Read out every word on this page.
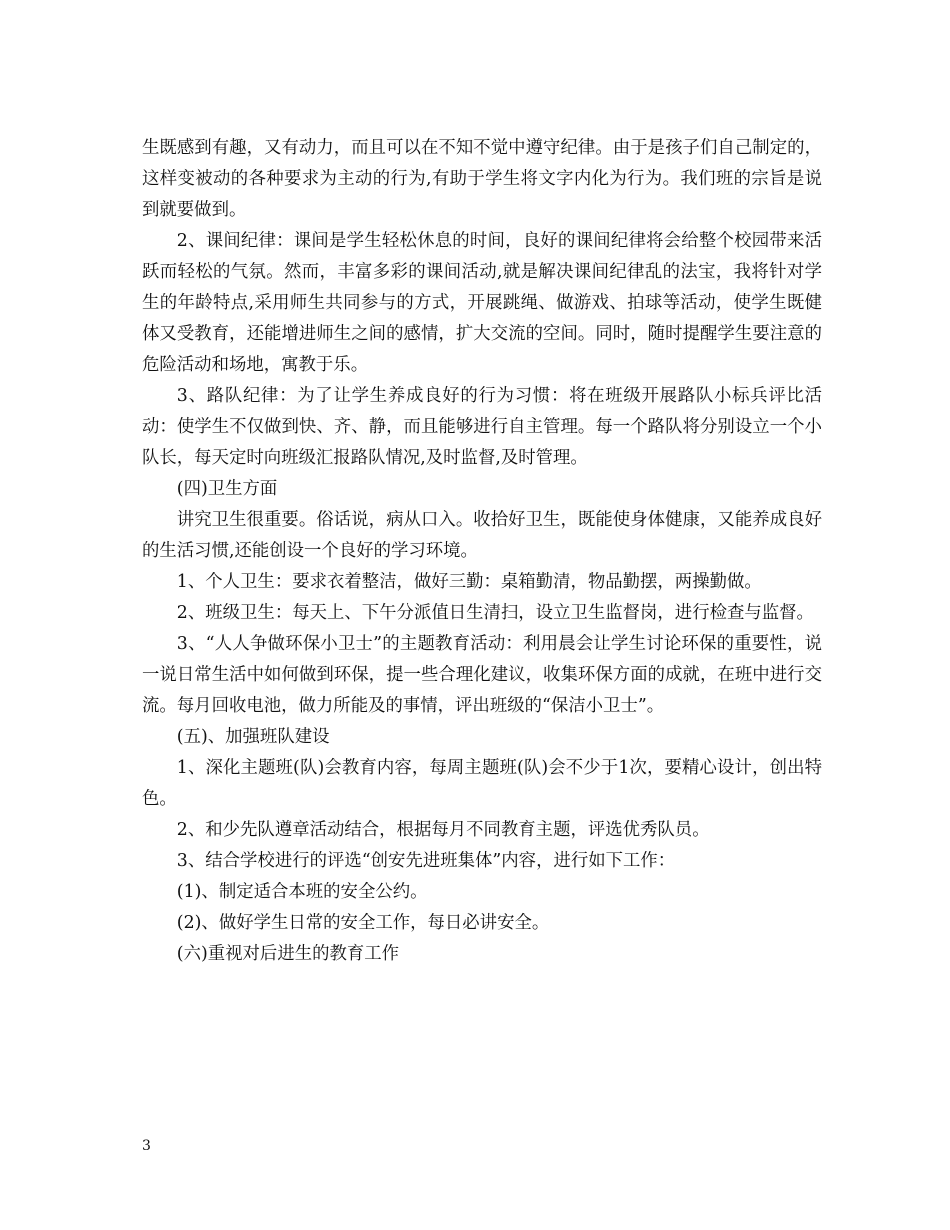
生既感到有趣，又有动力，而且可以在不知不觉中遵守纪律。由于是孩子们自己制定的，这样变被动的各种要求为主动的行为,有助于学生将文字内化为行为。我们班的宗旨是说到就要做到。

2、课间纪律：课间是学生轻松休息的时间，良好的课间纪律将会给整个校园带来活跃而轻松的气氛。然而，丰富多彩的课间活动,就是解决课间纪律乱的法宝，我将针对学生的年龄特点,采用师生共同参与的方式，开展跳绳、做游戏、拍球等活动，使学生既健体又受教育，还能增进师生之间的感情，扩大交流的空间。同时，随时提醒学生要注意的危险活动和场地，寓教于乐。

3、路队纪律：为了让学生养成良好的行为习惯：将在班级开展路队小标兵评比活动：使学生不仅做到快、齐、静，而且能够进行自主管理。每一个路队将分别设立一个小队长，每天定时向班级汇报路队情况,及时监督,及时管理。

(四)卫生方面

讲究卫生很重要。俗话说，病从口入。收拾好卫生，既能使身体健康，又能养成良好的生活习惯,还能创设一个良好的学习环境。

1、个人卫生：要求衣着整洁，做好三勤：桌箱勤清，物品勤摆，两操勤做。

2、班级卫生：每天上、下午分派值日生清扫，设立卫生监督岗，进行检查与监督。

3、“人人争做环保小卫士”的主题教育活动：利用晨会让学生讨论环保的重要性，说一说日常生活中如何做到环保，提一些合理化建议，收集环保方面的成就，在班中进行交流。每月回收电池，做力所能及的事情，评出班级的“保洁小卫士”。

(五)、加强班队建设

1、深化主题班(队)会教育内容，每周主题班(队)会不少于1次，要精心设计，创出特色。

2、和少先队遵章活动结合，根据每月不同教育主题，评选优秀队员。

3、结合学校进行的评选“创安先进班集体”内容，进行如下工作：

(1)、制定适合本班的安全公约。

(2)、做好学生日常的安全工作，每日必讲安全。

(六)重视对后进生的教育工作

3
